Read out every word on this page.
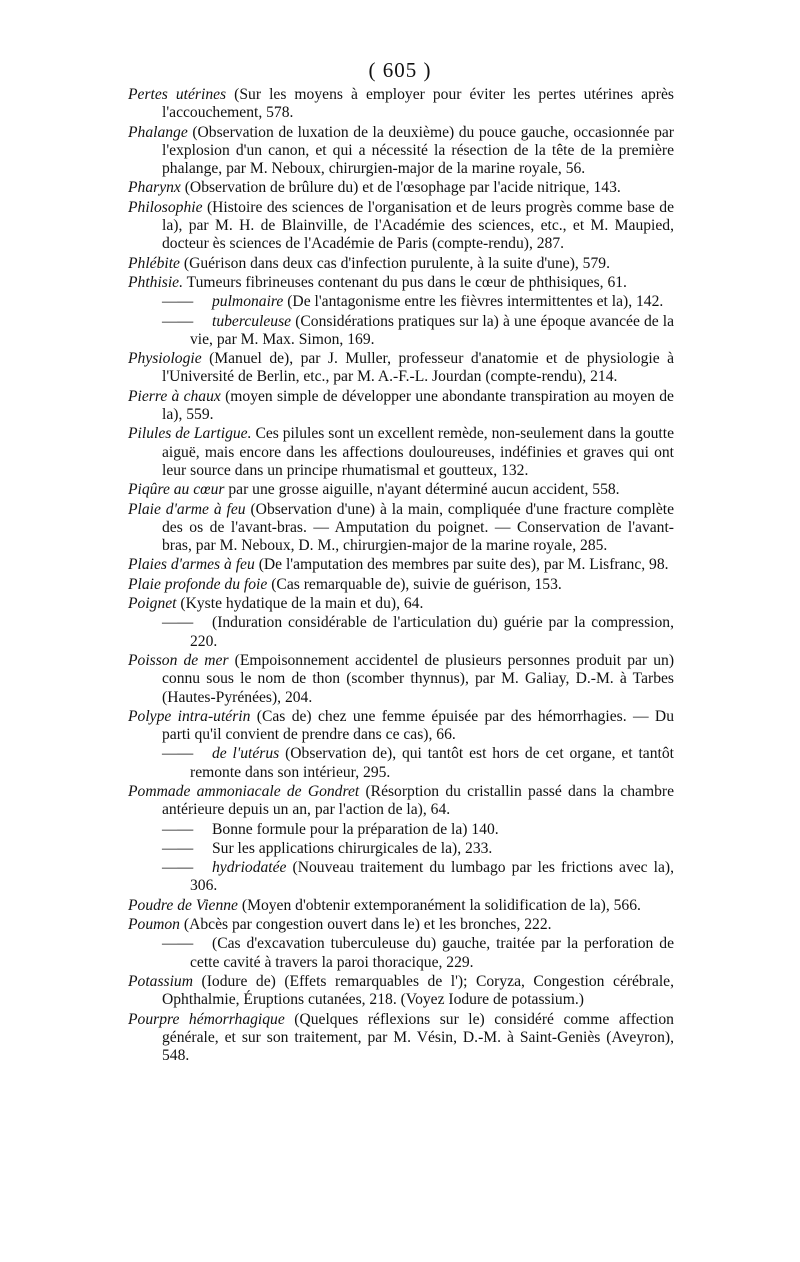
( 605 )

Pertes utérines (Sur les moyens à employer pour éviter les pertes utérines après l'accouchement, 578.

Phalange (Observation de luxation de la deuxième) du pouce gauche, occasionnée par l'explosion d'un canon, et qui a nécessité la résection de la tête de la première phalange, par M. Neboux, chirurgien-major de la marine royale, 56.

Pharynx (Observation de brûlure du) et de l'œsophage par l'acide nitrique, 143.

Philosophie (Histoire des sciences de l'organisation et de leurs progrès comme base de la), par M. H. de Blainville, de l'Académie des sciences, etc., et M. Maupied, docteur ès sciences de l'Académie de Paris (compte-rendu), 287.

Phlébite (Guérison dans deux cas d'infection purulente, à la suite d'une), 579.

Phthisie. Tumeurs fibrineuses contenant du pus dans le cœur de phthisiques, 61.

—— pulmonaire (De l'antagonisme entre les fièvres intermittentes et la), 142.

—— tuberculeuse (Considérations pratiques sur la) à une époque avancée de la vie, par M. Max. Simon, 169.

Physiologie (Manuel de), par J. Muller, professeur d'anatomie et de physiologie à l'Université de Berlin, etc., par M. A.-F.-L. Jourdan (compte-rendu), 214.

Pierre à chaux (moyen simple de développer une abondante transpiration au moyen de la), 559.

Pilules de Lartigue. Ces pilules sont un excellent remède, non-seulement dans la goutte aiguë, mais encore dans les affections douloureuses, indéfinies et graves qui ont leur source dans un principe rhumatismal et goutteux, 132.

Piqûre au cœur par une grosse aiguille, n'ayant déterminé aucun accident, 558.

Plaie d'arme à feu (Observation d'une) à la main, compliquée d'une fracture complète des os de l'avant-bras. — Amputation du poignet. — Conservation de l'avant-bras, par M. Neboux, D. M., chirurgien-major de la marine royale, 285.

Plaies d'armes à feu (De l'amputation des membres par suite des), par M. Lisfranc, 98.

Plaie profonde du foie (Cas remarquable de), suivie de guérison, 153.

Poignet (Kyste hydatique de la main et du), 64.

—— (Induration considérable de l'articulation du) guérie par la compression, 220.

Poisson de mer (Empoisonnement accidentel de plusieurs personnes produit par un) connu sous le nom de thon (scomber thynnus), par M. Galiay, D.-M. à Tarbes (Hautes-Pyrénées), 204.

Polype intra-utérin (Cas de) chez une femme épuisée par des hémorrhagies. — Du parti qu'il convient de prendre dans ce cas), 66.

—— de l'utérus (Observation de), qui tantôt est hors de cet organe, et tantôt remonte dans son intérieur, 295.

Pommade ammoniacale de Gondret (Résorption du cristallin passé dans la chambre antérieure depuis un an, par l'action de la), 64.

—— Bonne formule pour la préparation de la) 140.

—— Sur les applications chirurgicales de la), 233.

—— hydriodatée (Nouveau traitement du lumbago par les frictions avec la), 306.

Poudre de Vienne (Moyen d'obtenir extemporanément la solidification de la), 566.

Poumon (Abcès par congestion ouvert dans le) et les bronches, 222.

—— (Cas d'excavation tuberculeuse du) gauche, traitée par la perforation de cette cavité à travers la paroi thoracique, 229.

Potassium (Iodure de) (Effets remarquables de l'); Coryza, Congestion cérébrale, Ophthalmie, Éruptions cutanées, 218. (Voyez Iodure de potassium.)

Pourpre hémorrhagique (Quelques réflexions sur le) considéré comme affection générale, et sur son traitement, par M. Vésin, D.-M. à Saint-Geniès (Aveyron), 548.
